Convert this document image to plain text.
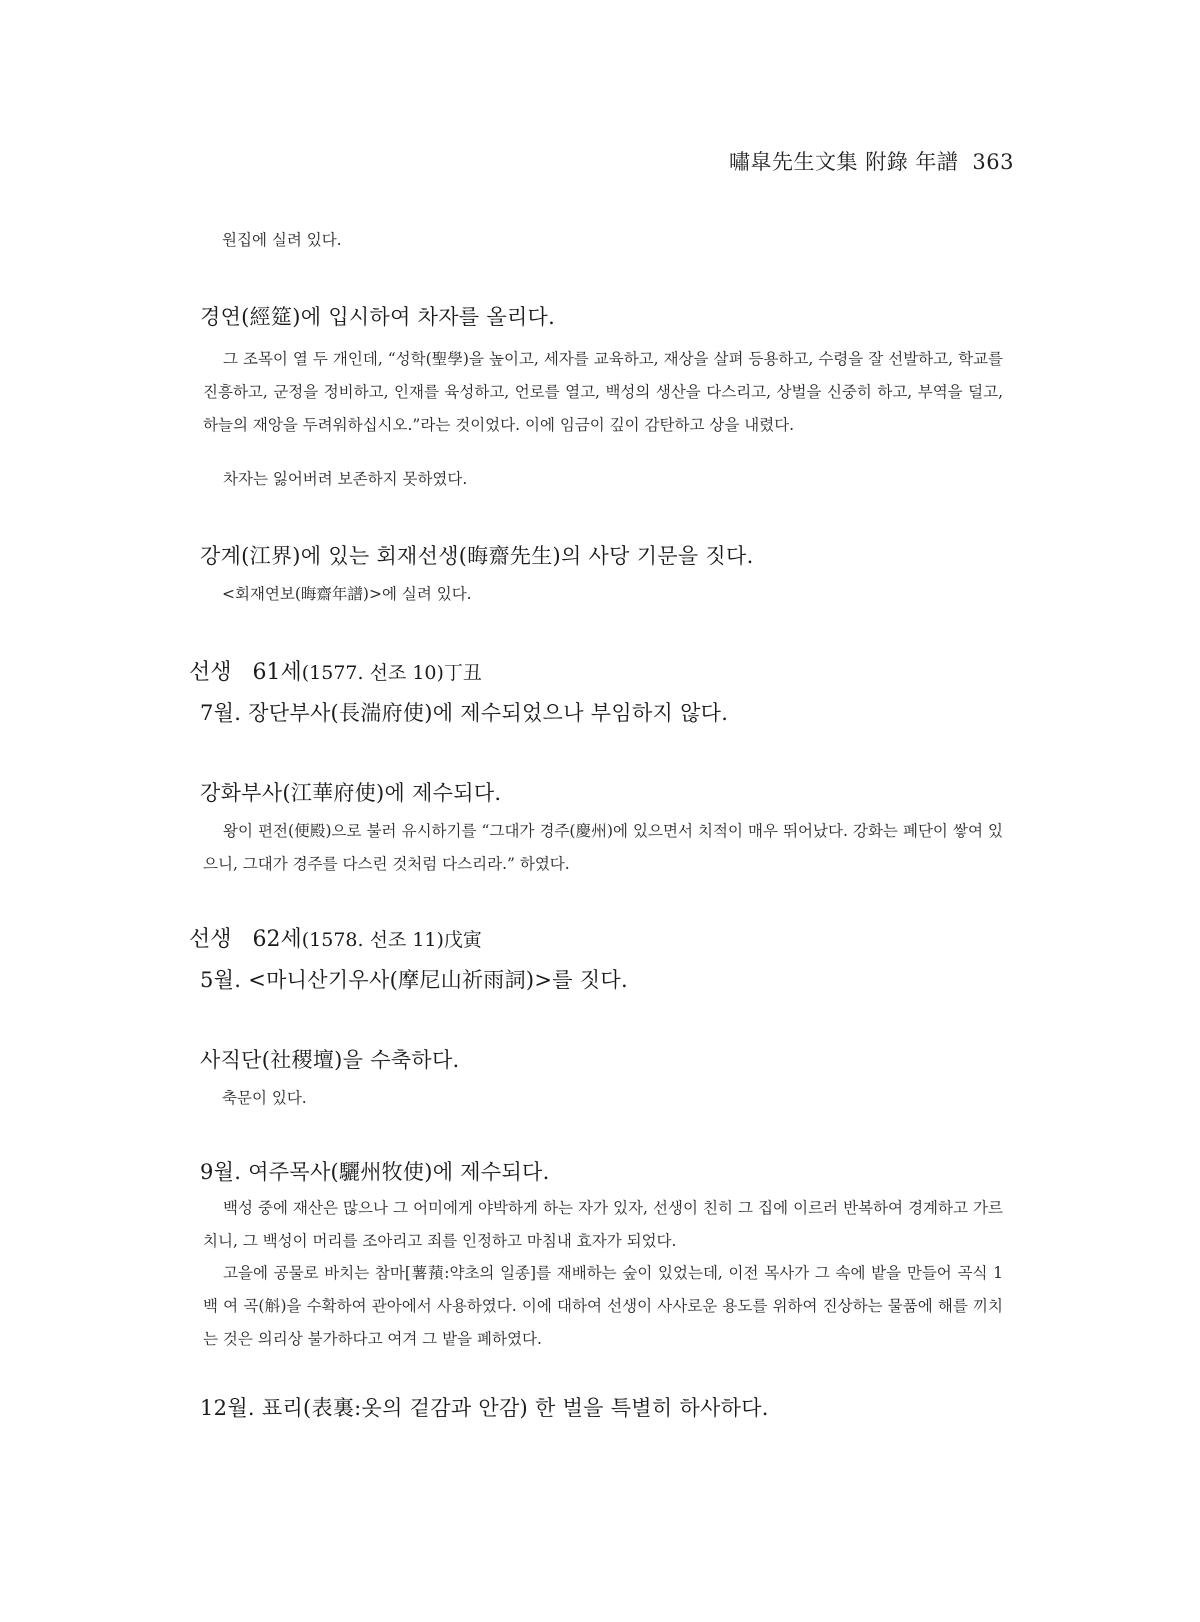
嘯皐先生文集 附錄 年譜 363
원집에 실려 있다.
경연(經筵)에 입시하여 차자를 올리다.

그 조목이 열 두 개인데, “성학(聖學)을 높이고, 세자를 교육하고, 재상을 살펴 등용하고, 수령을 잘 선발하고, 학교를 진흥하고, 군정을 정비하고, 인재를 육성하고, 언로를 열고, 백성의 생산을 다스리고, 상벌을 신중히 하고, 부역을 덜고, 하늘의 재앙을 두려워하십시오.”라는 것이었다. 이에 임금이 깊이 감탄하고 상을 내렸다.

차자는 잃어버려 보존하지 못하였다.

강계(江界)에 있는 회재선생(晦齋先生)의 사당 기문을 짓다.
<회재연보(晦齋年譜)>에 실려 있다.
선생 61세(1577. 선조 10)丁丑
7월. 장단부사(長湍府使)에 제수되었으나 부임하지 않다.
강화부사(江華府使)에 제수되다.

왕이 편전(便殿)으로 불러 유시하기를 “그대가 경주(慶州)에 있으면서 치적이 매우 뛰어났다. 강화는 폐단이 쌓여 있으니, 그대가 경주를 다스린 것처럼 다스리라.” 하였다.

선생 62세(1578. 선조 11)戊寅
5월. <마니산기우사(摩尼山祈雨詞)>를 짓다.
사직단(社稷壇)을 수축하다.
축문이 있다.
9월. 여주목사(驪州牧使)에 제수되다.

백성 중에 재산은 많으나 그 어미에게 야박하게 하는 자가 있자, 선생이 친히 그 집에 이르러 반복하여 경계하고 가르치니, 그 백성이 머리를 조아리고 죄를 인정하고 마침내 효자가 되었다.

고을에 공물로 바치는 참마[薯蕷:약초의 일종]를 재배하는 숲이 있었는데, 이전 목사가 그 속에 밭을 만들어 곡식 1백 여 곡(斛)을 수확하여 관아에서 사용하였다. 이에 대하여 선생이 사사로운 용도를 위하여 진상하는 물품에 해를 끼치는 것은 의리상 불가하다고 여겨 그 밭을 폐하였다.

12월. 표리(表裏:옷의 겉감과 안감) 한 벌을 특별히 하사하다.
